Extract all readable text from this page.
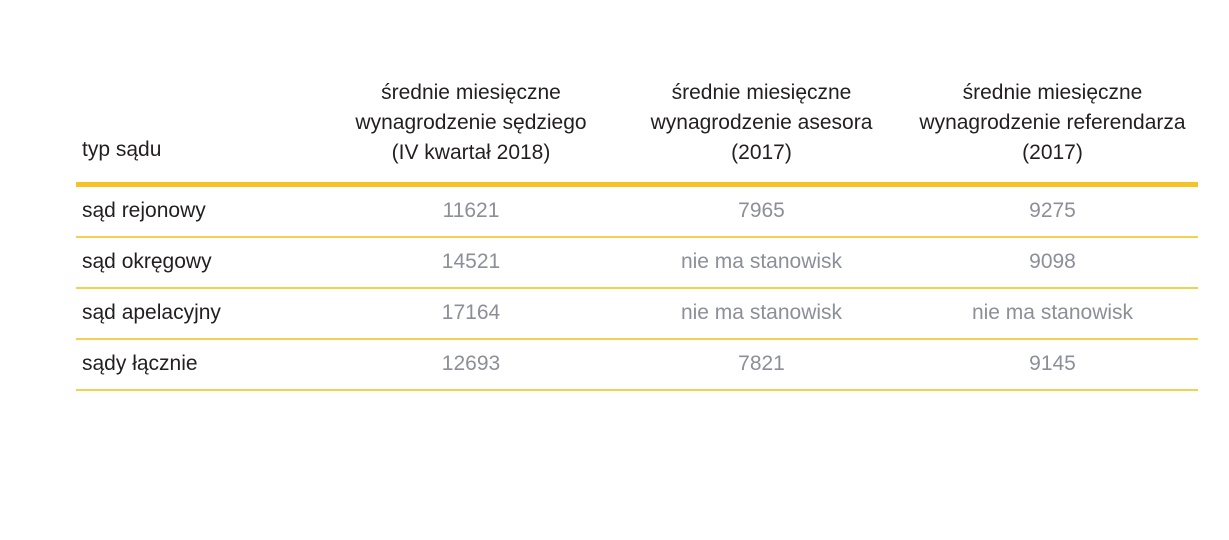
typ sądu	średnie miesięczne
wynagrodzenie sędziego
(IV kwartał 2018)	średnie miesięczne
wynagrodzenie asesora
(2017)	średnie miesięczne
wynagrodzenie referendarza
(2017)

sąd rejonowy	11621	7965	9275
sąd okręgowy	14521	nie ma stanowisk	9098
sąd apelacyjny	17164	nie ma stanowisk	nie ma stanowisk
sądy łącznie	12693	7821	9145
